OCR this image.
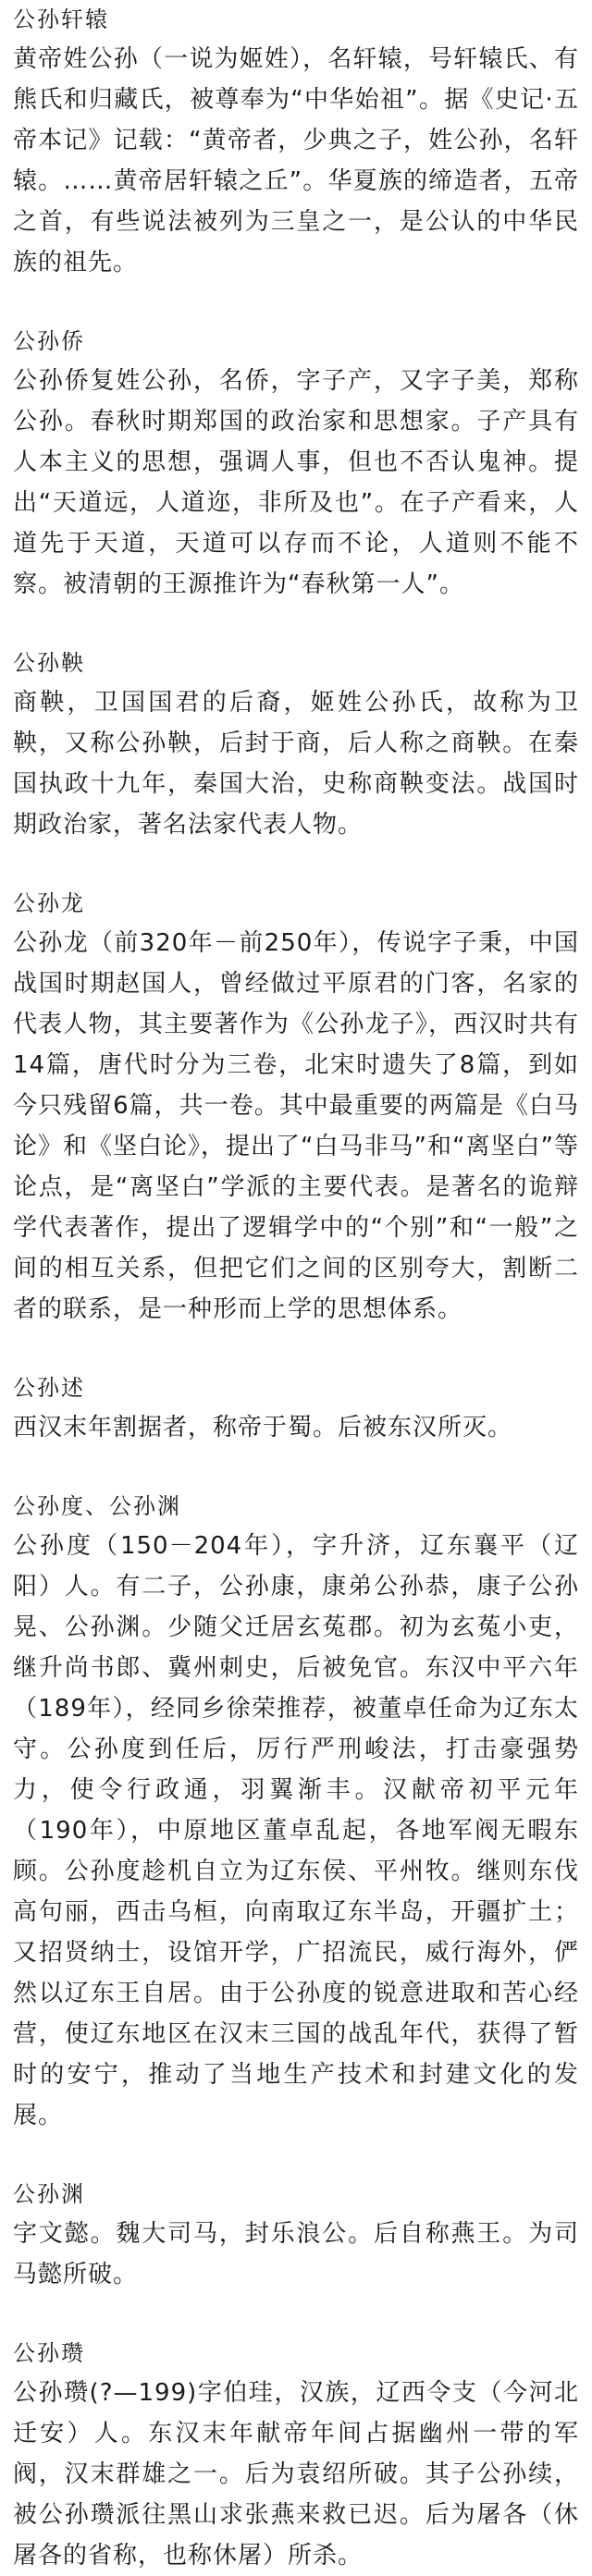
公孙轩辕

黄帝姓公孙（一说为姬姓），名轩辕，号轩辕氏、有熊氏和归藏氏，被尊奉为“中华始祖”。据《史记·五帝本记》记载：“黄帝者，少典之子，姓公孙，名轩辕。……黄帝居轩辕之丘”。华夏族的缔造者，五帝之首，有些说法被列为三皇之一，是公认的中华民族的祖先。

公孙侨

公孙侨复姓公孙，名侨，字子产，又字子美，郑称公孙。春秋时期郑国的政治家和思想家。子产具有人本主义的思想，强调人事，但也不否认鬼神。提出“天道远，人道迩，非所及也”。在子产看来，人道先于天道，天道可以存而不论，人道则不能不察。被清朝的王源推许为“春秋第一人”。

公孙鞅

商鞅，卫国国君的后裔，姬姓公孙氏，故称为卫鞅，又称公孙鞅，后封于商，后人称之商鞅。在秦国执政十九年，秦国大治，史称商鞅变法。战国时期政治家，著名法家代表人物。

公孙龙

公孙龙（前320年－前250年），传说字子秉，中国战国时期赵国人，曾经做过平原君的门客，名家的代表人物，其主要著作为《公孙龙子》，西汉时共有14篇，唐代时分为三卷，北宋时遗失了8篇，到如今只残留6篇，共一卷。其中最重要的两篇是《白马论》和《坚白论》，提出了“白马非马”和“离坚白”等论点，是“离坚白”学派的主要代表。是著名的诡辩学代表著作，提出了逻辑学中的“个别”和“一般”之间的相互关系，但把它们之间的区别夸大，割断二者的联系，是一种形而上学的思想体系。

公孙述

西汉末年割据者，称帝于蜀。后被东汉所灭。

公孙度、公孙渊

公孙度（150－204年），字升济，辽东襄平（辽阳）人。有二子，公孙康，康弟公孙恭，康子公孙晃、公孙渊。少随父迁居玄菟郡。初为玄菟小吏，继升尚书郎、冀州刺史，后被免官。东汉中平六年（189年），经同乡徐荣推荐，被董卓任命为辽东太守。公孙度到任后，厉行严刑峻法，打击豪强势力，使令行政通，羽翼渐丰。汉献帝初平元年（190年），中原地区董卓乱起，各地军阀无暇东顾。公孙度趁机自立为辽东侯、平州牧。继则东伐高句丽，西击乌桓，向南取辽东半岛，开疆扩土；又招贤纳士，设馆开学，广招流民，威行海外，俨然以辽东王自居。由于公孙度的锐意进取和苦心经营，使辽东地区在汉末三国的战乱年代，获得了暂时的安宁，推动了当地生产技术和封建文化的发展。

公孙渊

字文懿。魏大司马，封乐浪公。后自称燕王。为司马懿所破。

公孙瓒

公孙瓒(?—199)字伯珪，汉族，辽西令支（今河北迁安）人。东汉末年献帝年间占据幽州一带的军阀，汉末群雄之一。后为袁绍所破。其子公孙续，被公孙瓒派往黑山求张燕来救已迟。后为屠各（休屠各的省称，也称休屠）所杀。
